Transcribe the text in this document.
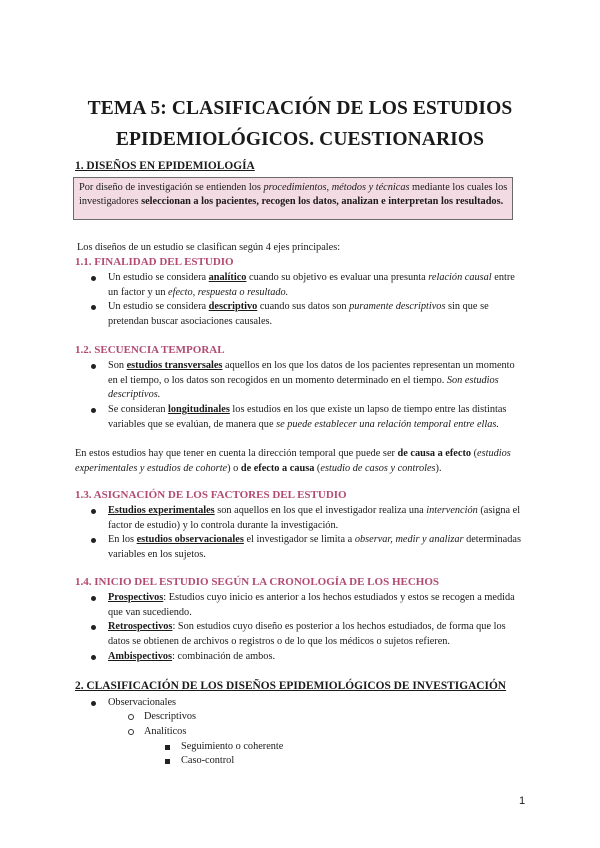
TEMA 5: CLASIFICACIÓN DE LOS ESTUDIOS
EPIDEMIOLÓGICOS. CUESTIONARIOS
1. DISEÑOS EN EPIDEMIOLOGÍA
Por diseño de investigación se entienden los procedimientos, métodos y técnicas mediante los cuales los investigadores seleccionan a los pacientes, recogen los datos, analizan e interpretan los resultados.
Los diseños de un estudio se clasifican según 4 ejes principales:
1.1. FINALIDAD DEL ESTUDIO
Un estudio se considera analítico cuando su objetivo es evaluar una presunta relación causal entre un factor y un efecto, respuesta o resultado.
Un estudio se considera descriptivo cuando sus datos son puramente descriptivos sin que se pretendan buscar asociaciones causales.
1.2. SECUENCIA TEMPORAL
Son estudios transversales aquellos en los que los datos de los pacientes representan un momento en el tiempo, o los datos son recogidos en un momento determinado en el tiempo. Son estudios descriptivos.
Se consideran longitudinales los estudios en los que existe un lapso de tiempo entre las distintas variables que se evalúan, de manera que se puede establecer una relación temporal entre ellas.
En estos estudios hay que tener en cuenta la dirección temporal que puede ser de causa a efecto (estudios experimentales y estudios de cohorte) o de efecto a causa (estudio de casos y controles).
1.3. ASIGNACIÓN DE LOS FACTORES DEL ESTUDIO
Estudios experimentales son aquellos en los que el investigador realiza una intervención (asigna el factor de estudio) y lo controla durante la investigación.
En los estudios observacionales el investigador se limita a observar, medir y analizar determinadas variables en los sujetos.
1.4. INICIO DEL ESTUDIO SEGÚN LA CRONOLOGÍA DE LOS HECHOS
Prospectivos: Estudios cuyo inicio es anterior a los hechos estudiados y estos se recogen a medida que van sucediendo.
Retrospectivos: Son estudios cuyo diseño es posterior a los hechos estudiados, de forma que los datos se obtienen de archivos o registros o de lo que los médicos o sujetos refieren.
Ambispectivos: combinación de ambos.
2. CLASIFICACIÓN DE LOS DISEÑOS EPIDEMIOLÓGICOS DE INVESTIGACIÓN
Observacionales
Descriptivos
Analíticos
Seguimiento o coherente
Caso-control
1
